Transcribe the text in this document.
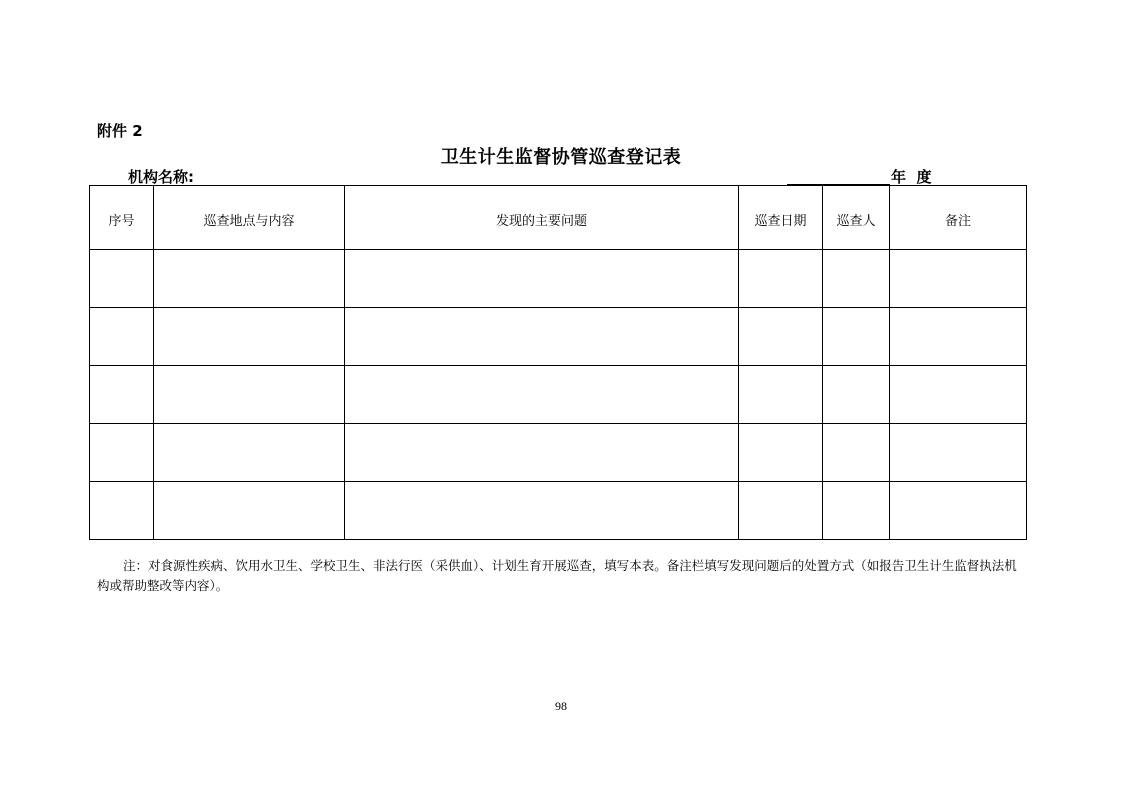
附件 2
卫生计生监督协管巡查登记表
机构名称:	年  度
序号	巡查地点与内容	发现的主要问题	巡查日期	巡查人	备注

注：对食源性疾病、饮用水卫生、学校卫生、非法行医（采供血）、计划生育开展巡查，填写本表。备注栏填写发现问题后的处置方式（如报告卫生计生监督执法机构或帮助整改等内容）。
98
